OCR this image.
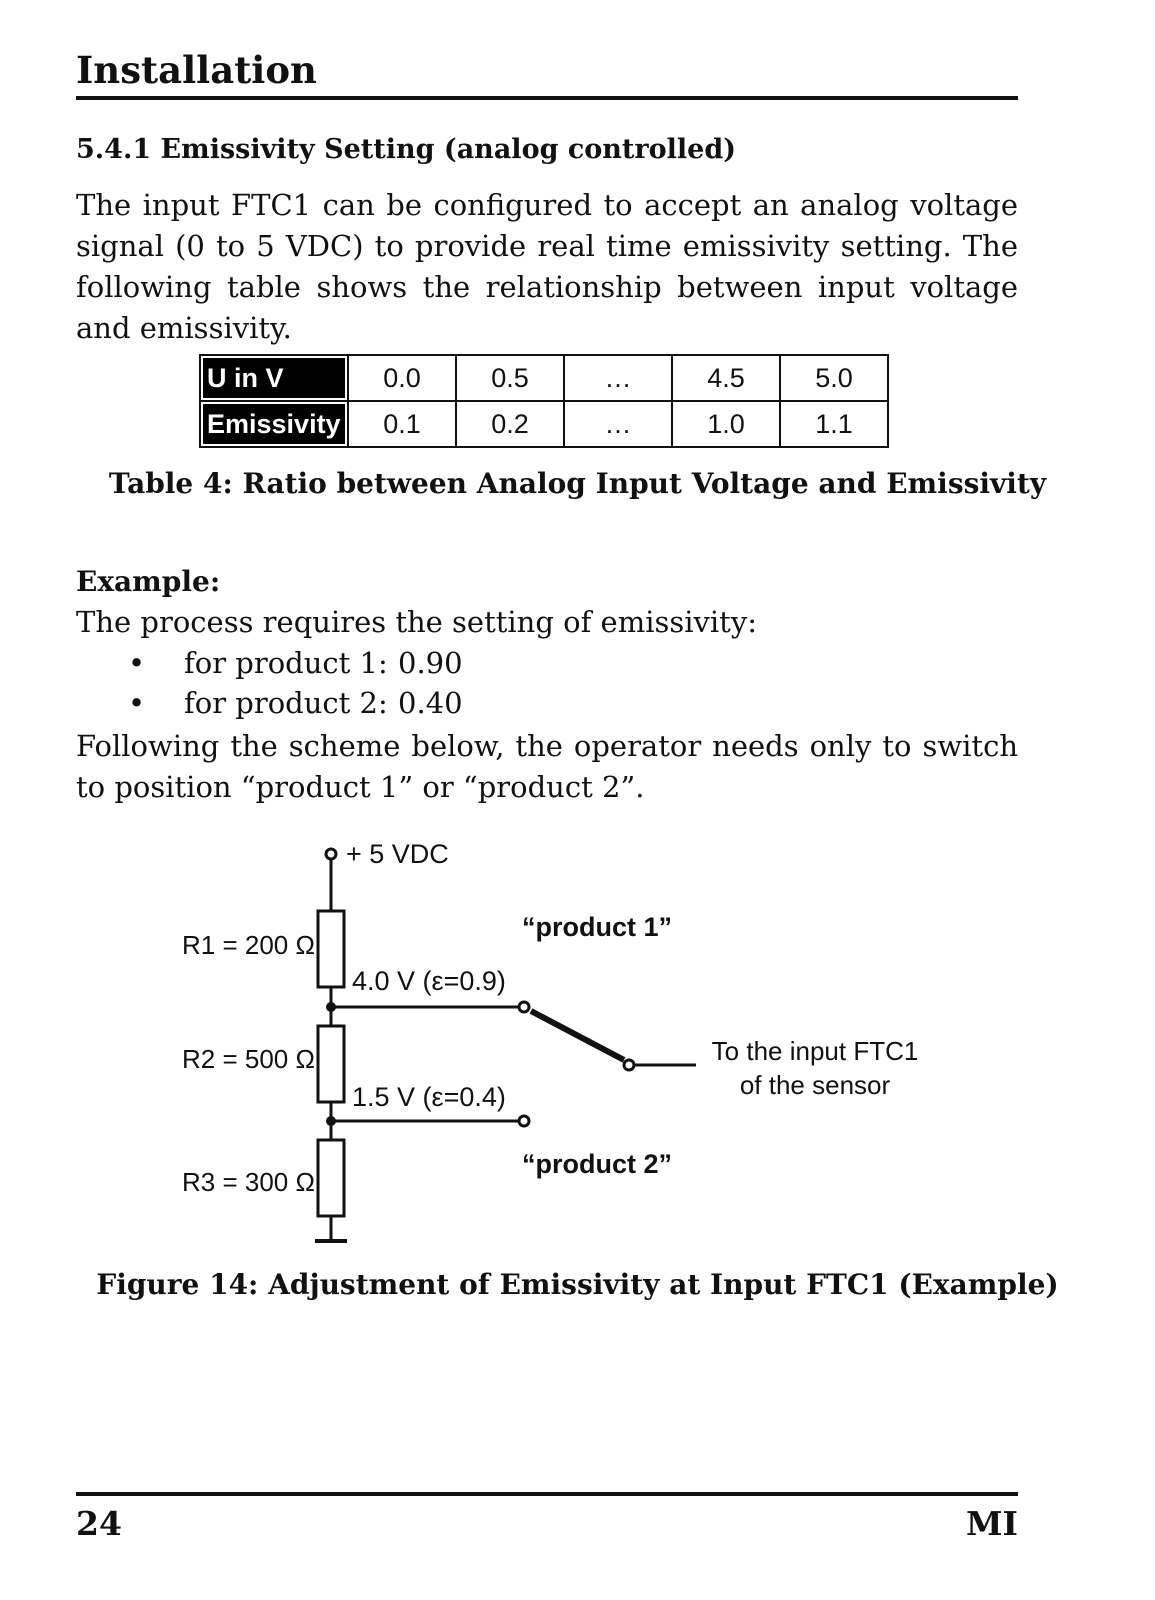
Installation
5.4.1 Emissivity Setting (analog controlled)
The input FTC1 can be configured to accept an analog voltage signal (0 to 5 VDC) to provide real time emissivity setting. The following table shows the relationship between input voltage and emissivity.
U in V	0.0	0.5	…	4.5	5.0
Emissivity	0.1	0.2	…	1.0	1.1
Table 4: Ratio between Analog Input Voltage and Emissivity
Example:
The process requires the setting of emissivity:
• for product 1: 0.90
• for product 2: 0.40
Following the scheme below, the operator needs only to switch to position “product 1” or “product 2”.
+ 5 VDC
R1 = 200 Ω
R2 = 500 Ω
R3 = 300 Ω
4.0 V (ε=0.9)
1.5 V (ε=0.4)
“product 1”
“product 2”
To the input FTC1
of the sensor
Figure 14: Adjustment of Emissivity at Input FTC1 (Example)
24	MI
